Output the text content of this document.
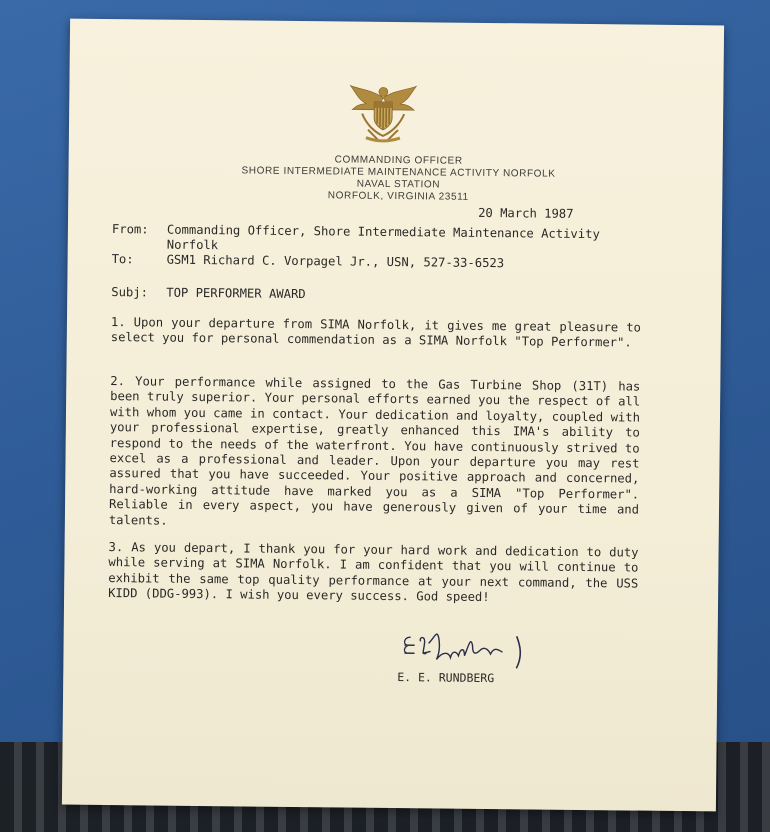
COMMANDING OFFICER
SHORE INTERMEDIATE MAINTENANCE ACTIVITY NORFOLK
NAVAL STATION
NORFOLK, VIRGINIA 23511
20 March 1987
From: Commanding Officer, Shore Intermediate Maintenance Activity
Norfolk
To:	GSM1 Richard C. Vorpagel Jr., USN, 527-33-6523
Subj: TOP PERFORMER AWARD
1. Upon your departure from SIMA Norfolk, it gives me great pleasure to select you for personal commendation as a SIMA Norfolk "Top Performer".
2. Your performance while assigned to the Gas Turbine Shop (31T) has been truly superior. Your personal efforts earned you the respect of all with whom you came in contact. Your dedication and loyalty, coupled with your professional expertise, greatly enhanced this IMA's ability to respond to the needs of the waterfront. You have continuously strived to excel as a professional and leader. Upon your departure you may rest assured that you have succeeded. Your positive approach and concerned, hard-working attitude have marked you as a SIMA "Top Performer". Reliable in every aspect, you have generously given of your time and talents.
3. As you depart, I thank you for your hard work and dedication to duty while serving at SIMA Norfolk. I am confident that you will continue to exhibit the same top quality performance at your next command, the USS KIDD (DDG-993). I wish you every success. God speed!
E. E. RUNDBERG
